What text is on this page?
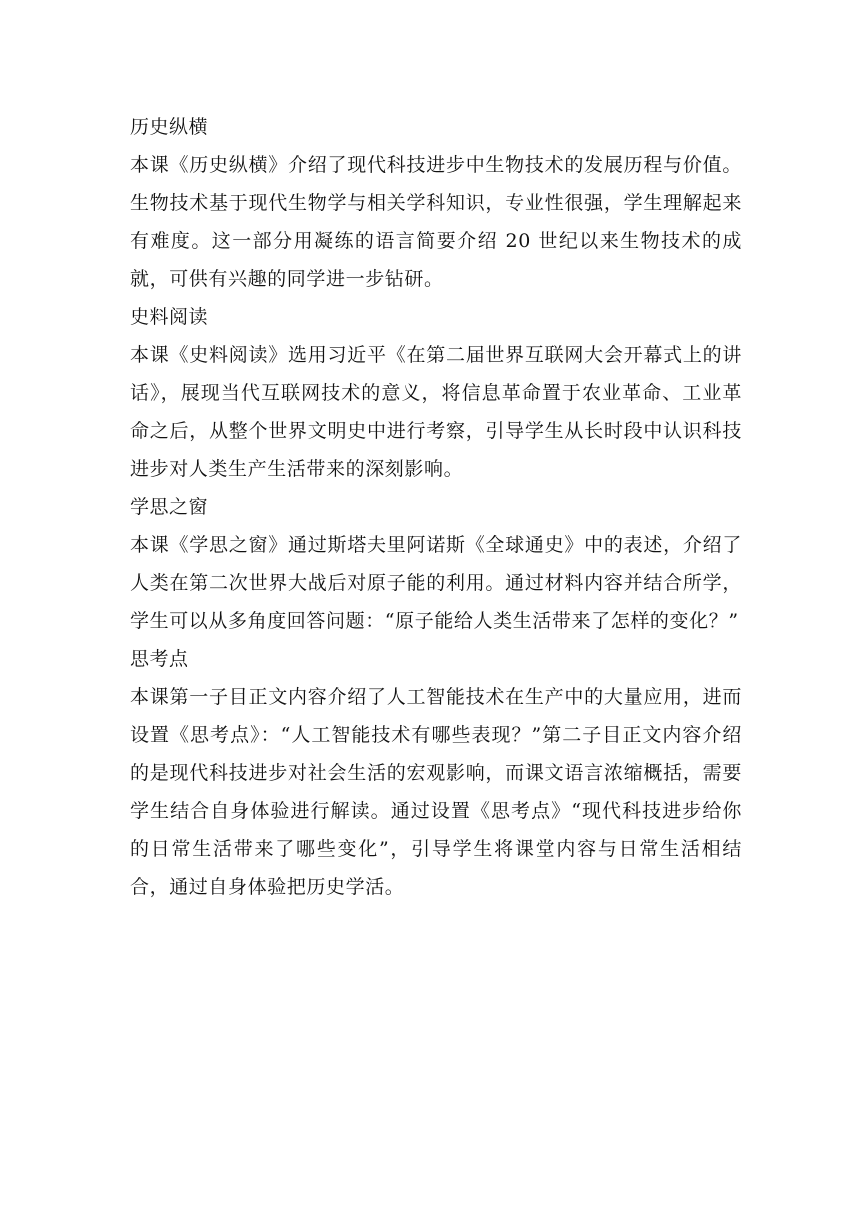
历史纵横

本课《历史纵横》介绍了现代科技进步中生物技术的发展历程与价值。生物技术基于现代生物学与相关学科知识，专业性很强，学生理解起来有难度。这一部分用凝练的语言简要介绍 20 世纪以来生物技术的成就，可供有兴趣的同学进一步钻研。

史料阅读

本课《史料阅读》选用习近平《在第二届世界互联网大会开幕式上的讲话》，展现当代互联网技术的意义，将信息革命置于农业革命、工业革命之后，从整个世界文明史中进行考察，引导学生从长时段中认识科技进步对人类生产生活带来的深刻影响。

学思之窗

本课《学思之窗》通过斯塔夫里阿诺斯《全球通史》中的表述，介绍了人类在第二次世界大战后对原子能的利用。通过材料内容并结合所学，学生可以从多角度回答问题：“原子能给人类生活带来了怎样的变化？”

思考点

本课第一子目正文内容介绍了人工智能技术在生产中的大量应用，进而设置《思考点》：“人工智能技术有哪些表现？”第二子目正文内容介绍的是现代科技进步对社会生活的宏观影响，而课文语言浓缩概括，需要学生结合自身体验进行解读。通过设置《思考点》“现代科技进步给你的日常生活带来了哪些变化”，引导学生将课堂内容与日常生活相结合，通过自身体验把历史学活。
